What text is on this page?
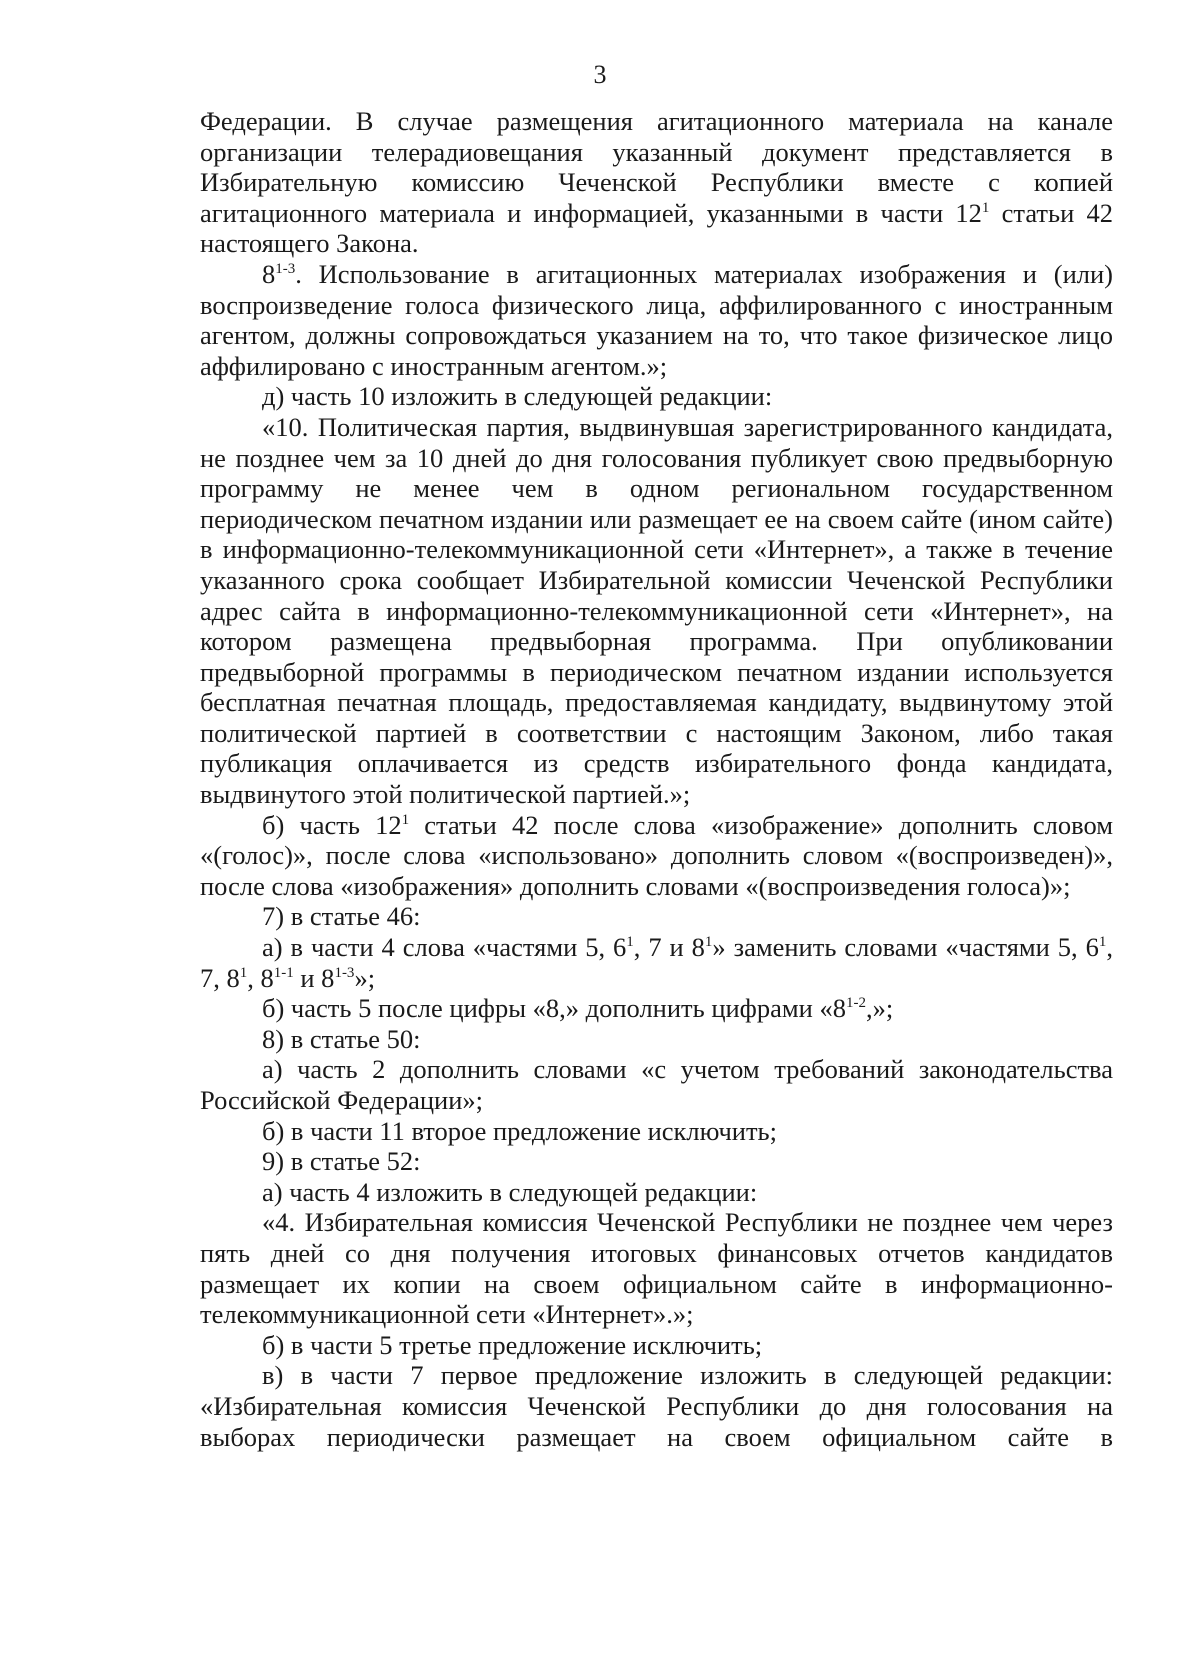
3

Федерации. В случае размещения агитационного материала на канале организации телерадиовещания указанный документ представляется в Избирательную комиссию Чеченской Республики вместе с копией агитационного материала и информацией, указанными в части $12^1$ статьи 42 настоящего Закона.

8$^{1-3}$. Использование в агитационных материалах изображения и (или) воспроизведение голоса физического лица, аффилированного с иностранным агентом, должны сопровождаться указанием на то, что такое физическое лицо аффилировано с иностранным агентом.»;

д) часть 10 изложить в следующей редакции:

«10. Политическая партия, выдвинувшая зарегистрированного кандидата, не позднее чем за 10 дней до дня голосования публикует свою предвыборную программу не менее чем в одном региональном государственном периодическом печатном издании или размещает ее на своем сайте (ином сайте) в информационно-телекоммуникационной сети «Интернет», а также в течение указанного срока сообщает Избирательной комиссии Чеченской Республики адрес сайта в информационно-телекоммуникационной сети «Интернет», на котором размещена предвыборная программа. При опубликовании предвыборной программы в периодическом печатном издании используется бесплатная печатная площадь, предоставляемая кандидату, выдвинутому этой политической партией в соответствии с настоящим Законом, либо такая публикация оплачивается из средств избирательного фонда кандидата, выдвинутого этой политической партией.»;

б) часть $12^1$ статьи 42 после слова «изображение» дополнить словом «(голос)», после слова «использовано» дополнить словом «(воспроизведен)», после слова «изображения» дополнить словами «(воспроизведения голоса)»;

7) в статье 46:

а) в части 4 слова «частями 5, $6^1$, 7 и $8^1$» заменить словами «частями 5, $6^1$, 7, $8^1$, 8$^{1-1}$ и 8$^{1-3}$»;

б) часть 5 после цифры «8,» дополнить цифрами «8$^{1-2}$,»;

8) в статье 50:

а) часть 2 дополнить словами «с учетом требований законодательства Российской Федерации»;

б) в части 11 второе предложение исключить;

9) в статье 52:

а) часть 4 изложить в следующей редакции:

«4. Избирательная комиссия Чеченской Республики не позднее чем через пять дней со дня получения итоговых финансовых отчетов кандидатов размещает их копии на своем официальном сайте в информационно-телекоммуникационной сети «Интернет».»;

б) в части 5 третье предложение исключить;

в) в части 7 первое предложение изложить в следующей редакции: «Избирательная комиссия Чеченской Республики до дня голосования на выборах периодически размещает на своем официальном сайте в
